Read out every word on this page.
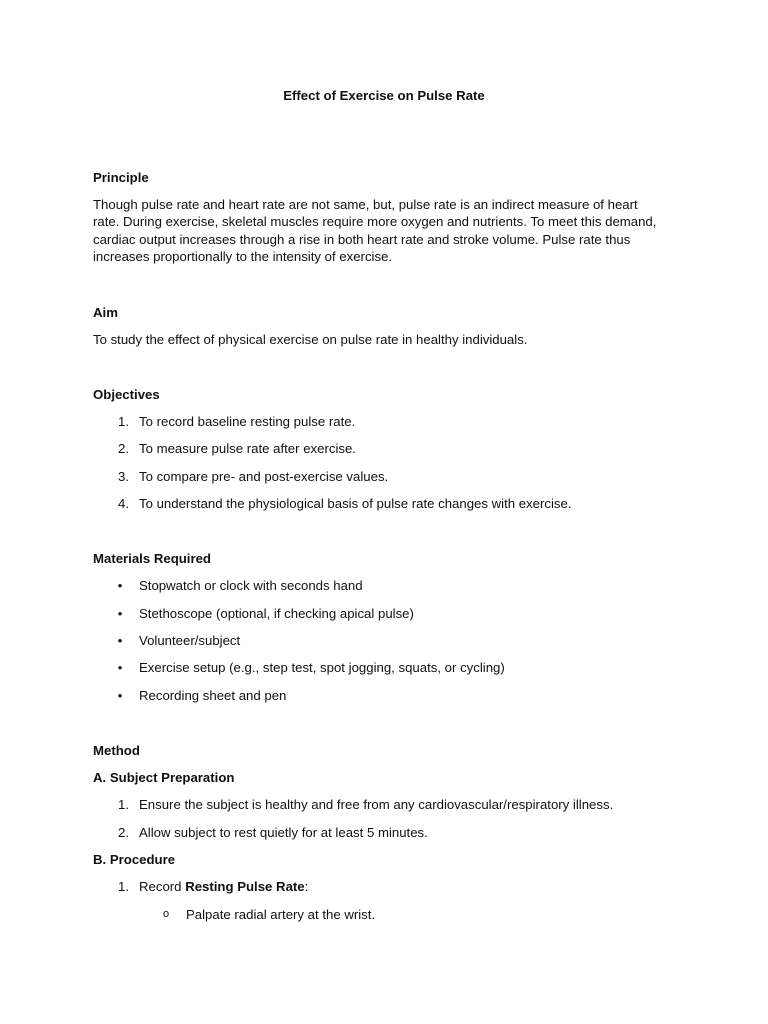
Effect of Exercise on Pulse Rate
Principle
Though pulse rate and heart rate are not same, but, pulse rate is an indirect measure of heart rate. During exercise, skeletal muscles require more oxygen and nutrients. To meet this demand, cardiac output increases through a rise in both heart rate and stroke volume. Pulse rate thus increases proportionally to the intensity of exercise.
Aim
To study the effect of physical exercise on pulse rate in healthy individuals.
Objectives
1. To record baseline resting pulse rate.
2. To measure pulse rate after exercise.
3. To compare pre- and post-exercise values.
4. To understand the physiological basis of pulse rate changes with exercise.
Materials Required
• Stopwatch or clock with seconds hand
• Stethoscope (optional, if checking apical pulse)
• Volunteer/subject
• Exercise setup (e.g., step test, spot jogging, squats, or cycling)
• Recording sheet and pen
Method
A. Subject Preparation
1. Ensure the subject is healthy and free from any cardiovascular/respiratory illness.
2. Allow subject to rest quietly for at least 5 minutes.
B. Procedure
1. Record Resting Pulse Rate:
o Palpate radial artery at the wrist.
